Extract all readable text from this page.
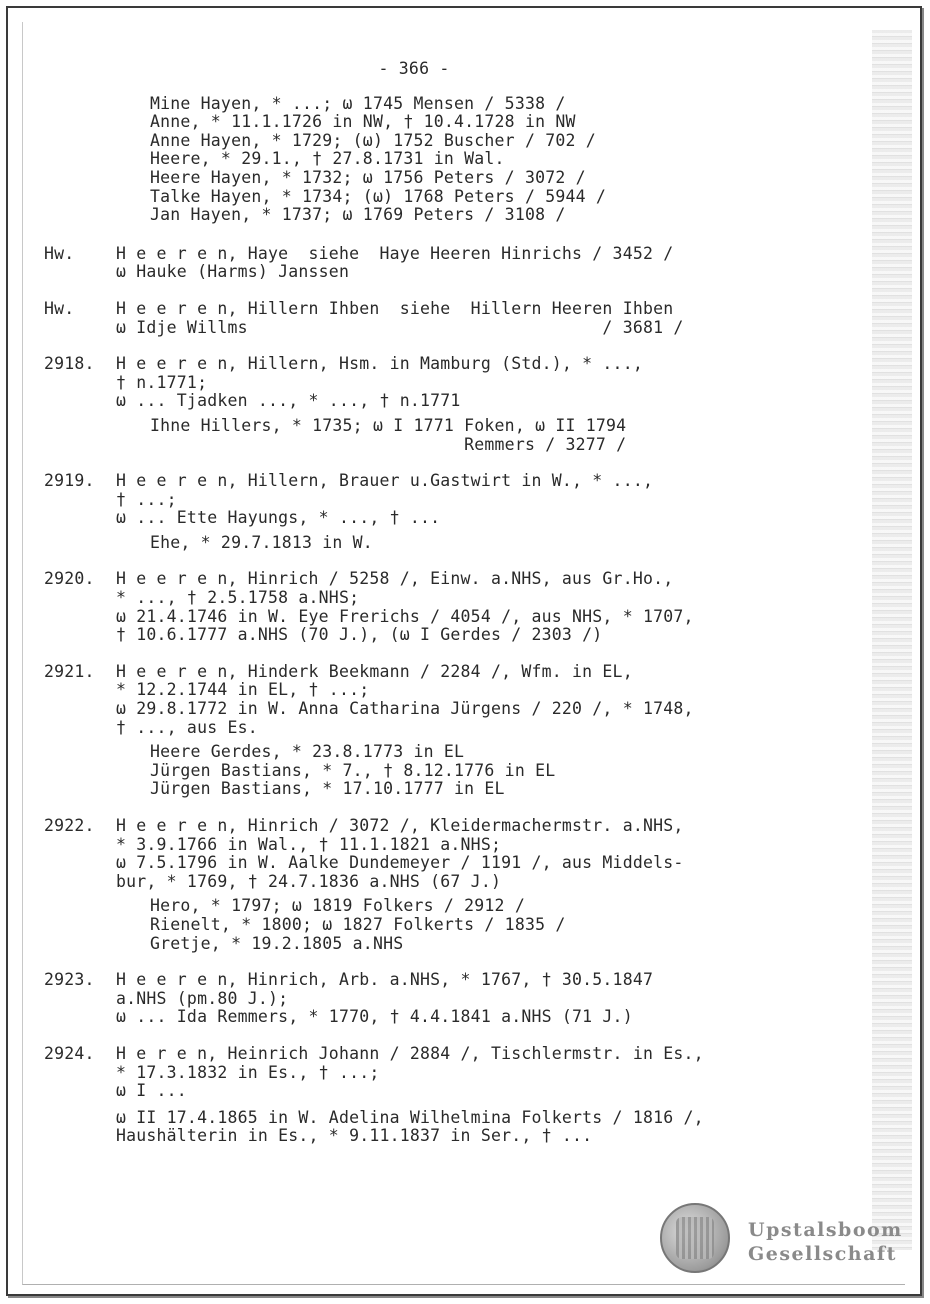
- 366 -

Mine Hayen, * ...; ω 1745 Mensen / 5338 /

Anne, * 11.1.1726 in NW, † 10.4.1728 in NW

Anne Hayen, * 1729; (ω) 1752 Buscher / 702 /

Heere, * 29.1., † 27.8.1731 in Wal.

Heere Hayen, * 1732; ω 1756 Peters / 3072 /

Talke Hayen, * 1734; (ω) 1768 Peters / 5944 /

Jan Hayen, * 1737; ω 1769 Peters / 3108 /

Hw.	H e e r e n, Haye  siehe  Haye Heeren Hinrichs / 3452 /

ω Hauke (Harms) Janssen

Hw.	H e e r e n, Hillern Ihben  siehe  Hillern Heeren Ihben

ω Idje Willms                                   / 3681 /

2918. H e e r e n, Hillern, Hsm. in Mamburg (Std.), * ...,

† n.1771;

ω ... Tjadken ..., * ..., † n.1771

Ihne Hillers, * 1735; ω I 1771 Foken, ω II 1794

Remmers / 3277 /

2919. H e e r e n, Hillern, Brauer u.Gastwirt in W., * ...,

† ...;

ω ... Ette Hayungs, * ..., † ...

Ehe, * 29.7.1813 in W.

2920. H e e r e n, Hinrich / 5258 /, Einw. a.NHS, aus Gr.Ho.,

* ..., † 2.5.1758 a.NHS;

ω 21.4.1746 in W. Eye Frerichs / 4054 /, aus NHS, * 1707,

† 10.6.1777 a.NHS (70 J.), (ω I Gerdes / 2303 /)

2921. H e e r e n, Hinderk Beekmann / 2284 /, Wfm. in EL,

* 12.2.1744 in EL, † ...;

ω 29.8.1772 in W. Anna Catharina Jürgens / 220 /, * 1748,

† ..., aus Es.

Heere Gerdes, * 23.8.1773 in EL

Jürgen Bastians, * 7., † 8.12.1776 in EL

Jürgen Bastians, * 17.10.1777 in EL

2922. H e e r e n, Hinrich / 3072 /, Kleidermachermstr. a.NHS,

* 3.9.1766 in Wal., † 11.1.1821 a.NHS;

ω 7.5.1796 in W. Aalke Dundemeyer / 1191 /, aus Middels-

bur, * 1769, † 24.7.1836 a.NHS (67 J.)

Hero, * 1797; ω 1819 Folkers / 2912 /

Rienelt, * 1800; ω 1827 Folkerts / 1835 /

Gretje, * 19.2.1805 a.NHS

2923. H e e r e n, Hinrich, Arb. a.NHS, * 1767, † 30.5.1847

a.NHS (pm.80 J.);

ω ... Ida Remmers, * 1770, † 4.4.1841 a.NHS (71 J.)

2924. H e r e n, Heinrich Johann / 2884 /, Tischlermstr. in Es.,

* 17.3.1832 in Es., † ...;

ω I ...

ω II 17.4.1865 in W. Adelina Wilhelmina Folkerts / 1816 /,

Haushälterin in Es., * 9.11.1837 in Ser., † ...

Upstalsboom
Gesellschaft
